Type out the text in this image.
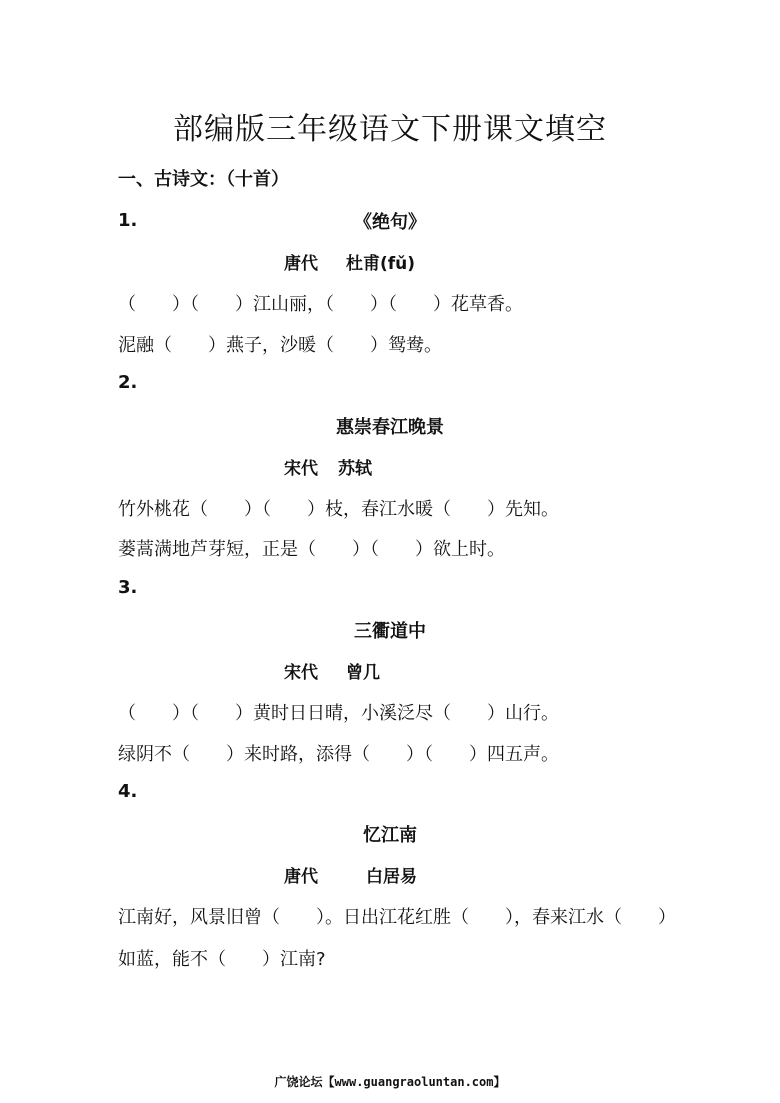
部编版三年级语文下册课文填空
一、古诗文：（十首）
1.	《绝句》
唐代 杜甫(fǔ)
（　　）（　　）江山丽，（　　）（　　）花草香。
泥融（　　）燕子，沙暖（　　）鸳鸯。
2.
惠崇春江晚景
宋代 苏轼
竹外桃花（　　）（　　）枝，春江水暖（　　）先知。
蒌蒿满地芦芽短，正是（　　）（　　）欲上时。
3.
三衢道中
宋代 曾几
（　　）（　　）黄时日日晴，小溪泛尽（　　）山行。
绿阴不（　　）来时路，添得（　　）（　　）四五声。
4.
忆江南
唐代	白居易
江南好，风景旧曾（　　）。日出江花红胜（　　），春来江水（　　）
如蓝，能不（　　）江南?
广饶论坛【www.guangraoluntan.com】
